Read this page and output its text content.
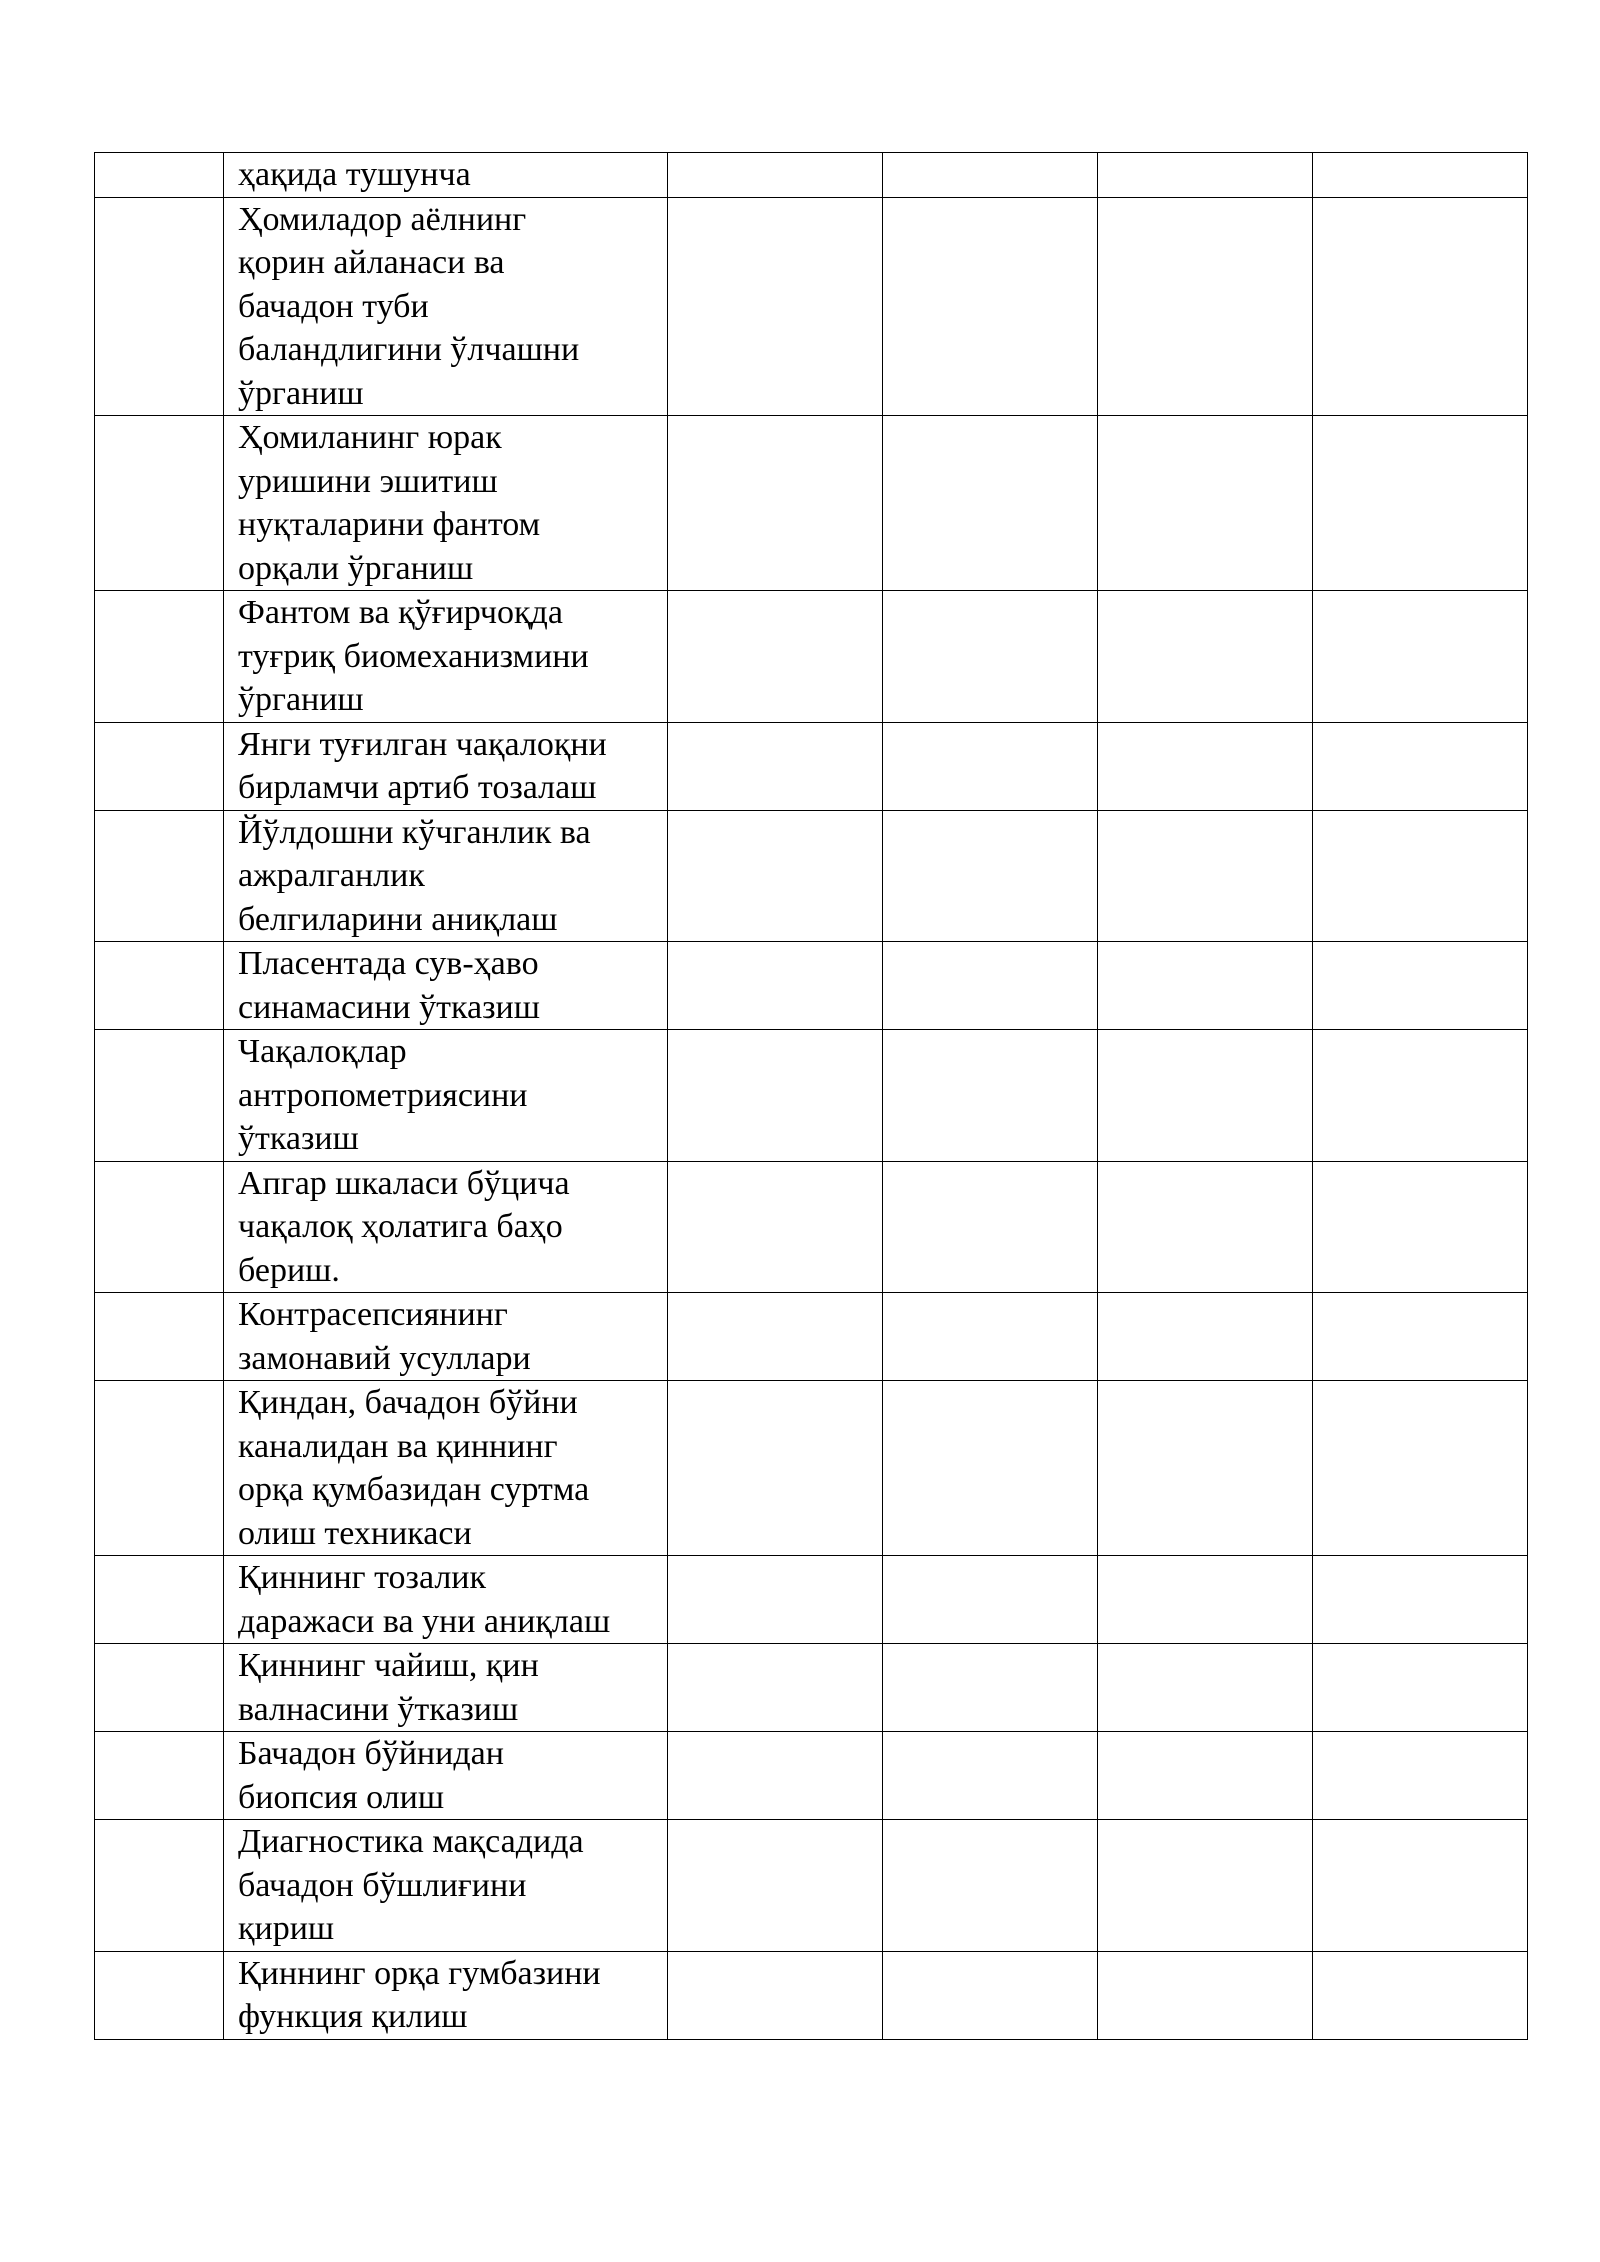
	ҳақида тушунча				
	Ҳомиладор аёлнинг
қорин айланаси ва
бачадон туби
баландлигини ўлчашни
ўрганиш				
	Ҳомиланинг юрак
уришини эшитиш
нуқталарини фантом
орқали ўрганиш				
	Фантом ва қўғирчоқда
туғриқ биомеханизмини
ўрганиш				
	Янги туғилган чақалоқни
бирламчи артиб тозалаш				
	Йўлдошни кўчганлик ва
ажралганлик
белгиларини аниқлаш				
	Пласентада сув-ҳаво
синамасини ўтказиш				
	Чақалоқлар
антропометриясини
ўтказиш				
	Апгар шкаласи бўцича
чақалоқ ҳолатига баҳо
бериш.				
	Контрасепсиянинг
замонавий усуллари				
	Қиндан, бачадон бўйни
каналидан ва қиннинг
орқа қумбазидан суртма
олиш техникаси				
	Қиннинг тозалик
даражаси ва уни аниқлаш				
	Қиннинг чайиш, қин
валнасини ўтказиш				
	Бачадон бўйнидан
биопсия олиш				
	Диагностика мақсадида
бачадон бўшлиғини
қириш				
	Қиннинг орқа гумбазини
функция қилиш				
